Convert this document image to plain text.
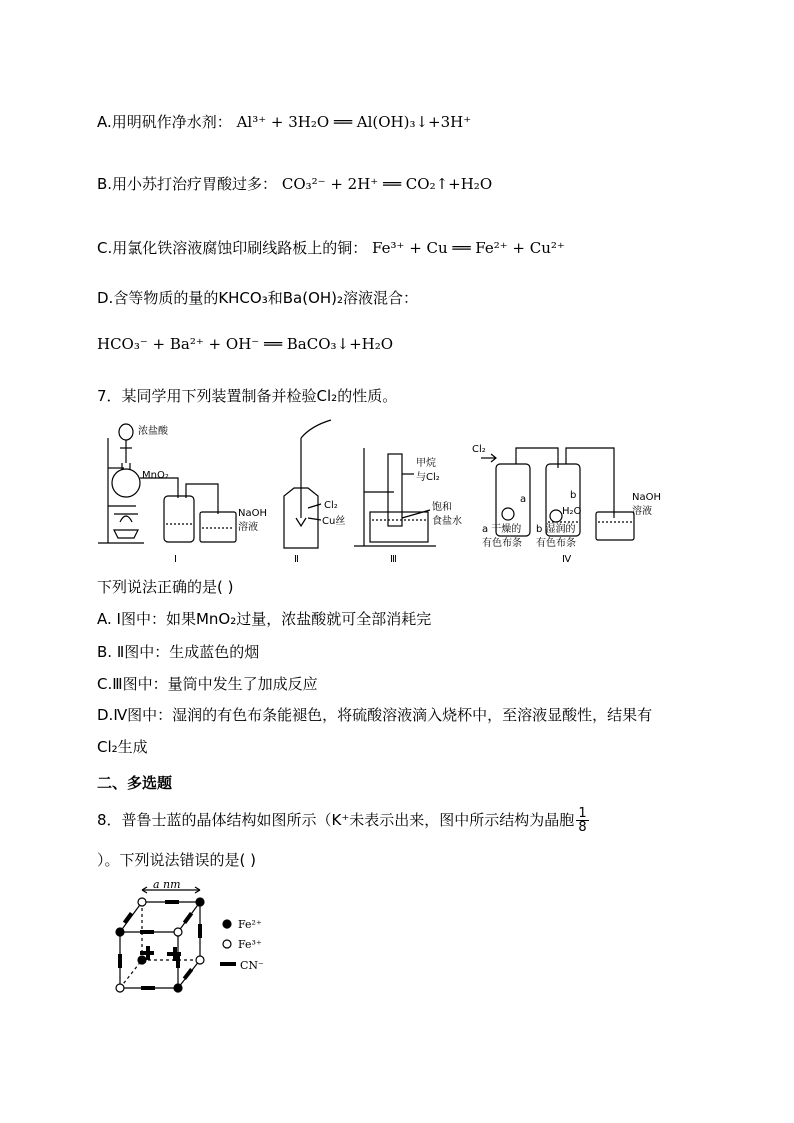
A.用明矾作净水剂： Al³⁺ + 3H₂O ══ Al(OH)₃↓+3H⁺
B.用小苏打治疗胃酸过多： CO₃²⁻ + 2H⁺ ══ CO₂↑+H₂O
C.用氯化铁溶液腐蚀印刷线路板上的铜： Fe³⁺ + Cu ══ Fe²⁺ + Cu²⁺
D.含等物质的量的KHCO₃和Ba(OH)₂溶液混合：
HCO₃⁻ + Ba²⁺ + OH⁻ ══ BaCO₃↓+H₂O
7．某同学用下列装置制备并检验Cl₂的性质。
浓盐酸
MnO₂
NaOH
溶液
Ⅰ
Cl₂
Cu丝
Ⅱ
甲烷
与Cl₂
饱和
食盐水
Ⅲ
Cl₂
a	b
H₂O
NaOH
溶液
a 干燥的
有色布条
b 湿润的
有色布条
Ⅳ
下列说法正确的是( )
A. Ⅰ图中：如果MnO₂过量，浓盐酸就可全部消耗完
B. Ⅱ图中：生成蓝色的烟
C.Ⅲ图中：量筒中发生了加成反应
D.Ⅳ图中：湿润的有色布条能褪色，将硫酸溶液滴入烧杯中，至溶液显酸性，结果有
Cl₂生成
二、多选题
8．普鲁士蓝的晶体结构如图所示（K⁺未表示出来，图中所示结构为晶胞 $\frac{1}{8}$
）。下列说法错误的是( )
a nm
Fe²⁺
Fe³⁺
CN⁻
